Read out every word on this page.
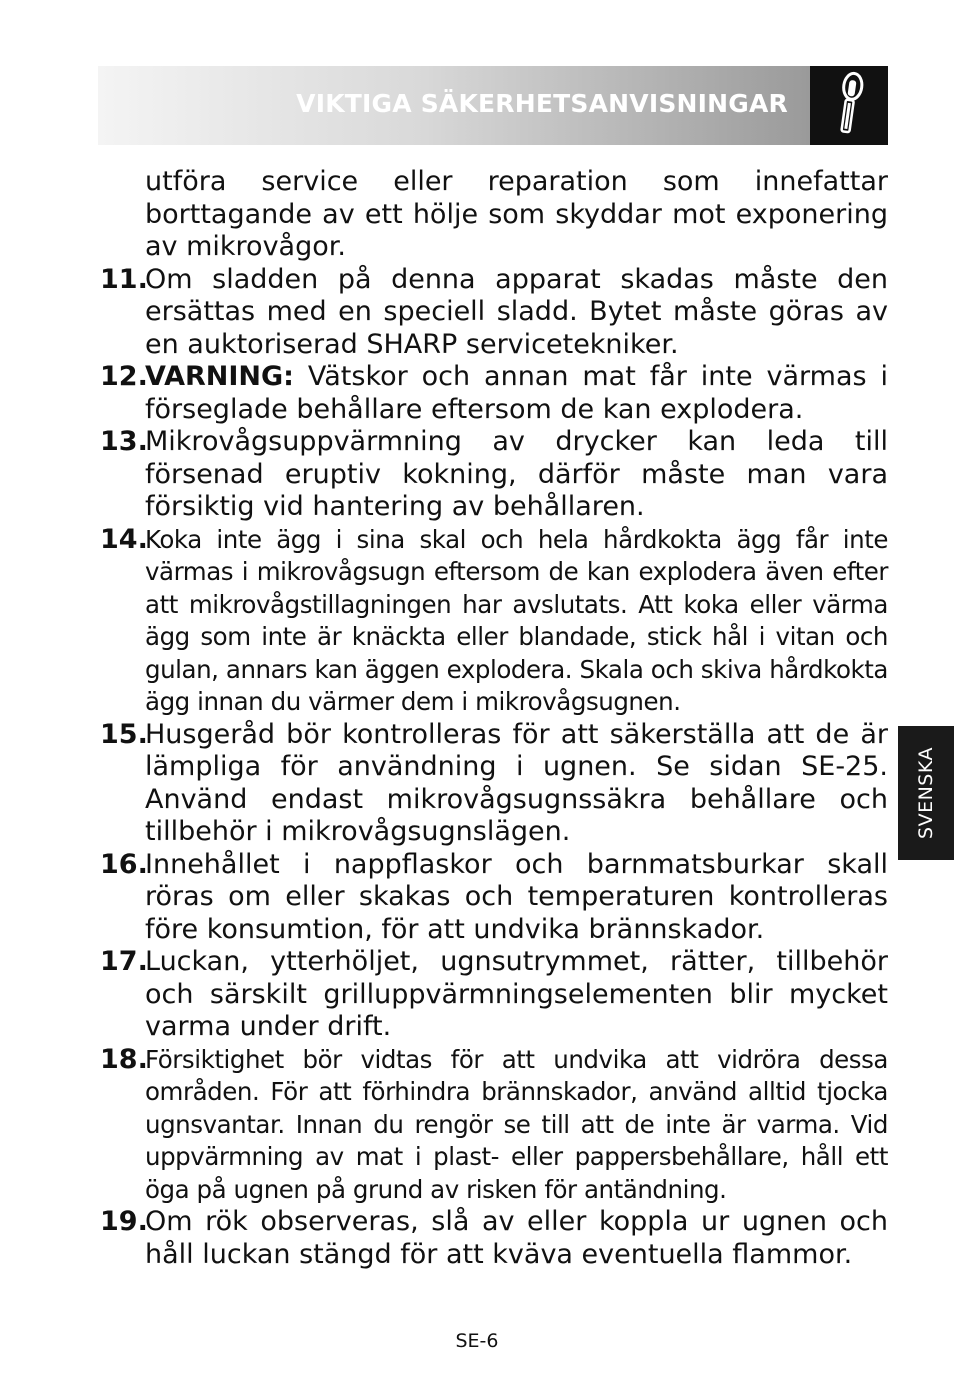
VIKTIGA SÄKERHETSANVISNINGAR
utföra service eller reparation som innefattar borttagande av ett hölje som skyddar mot exponering av mikrovågor.
11.
Om sladden på denna apparat skadas måste den ersättas med en speciell sladd. Bytet måste göras av en auktoriserad SHARP servicetekniker.
12.
VARNING: Vätskor och annan mat får inte värmas i förseglade behållare eftersom de kan explodera.
13.
Mikrovågsuppvärmning av drycker kan leda till försenad eruptiv kokning, därför måste man vara försiktig vid hantering av behållaren.
14.
Koka inte ägg i sina skal och hela hårdkokta ägg får inte värmas i mikrovågsugn eftersom de kan explodera även efter att mikrovågstillagningen har avslutats. Att koka eller värma ägg som inte är knäckta eller blandade, stick hål i vitan och gulan, annars kan äggen explodera. Skala och skiva hårdkokta ägg innan du värmer dem i mikrovågsugnen.
15.
Husgeråd bör kontrolleras för att säkerställa att de är lämpliga för användning i ugnen. Se sidan SE-25. Använd endast mikrovågsugnssäkra behållare och tillbehör i mikrovågsugnslägen.
16.
Innehållet i nappflaskor och barnmatsburkar skall röras om eller skakas och temperaturen kontrolleras före konsumtion, för att undvika brännskador.
17.
Luckan, ytterhöljet, ugnsutrymmet, rätter, tillbehör och särskilt grilluppvärmningselementen blir mycket varma under drift.
18.
Försiktighet bör vidtas för att undvika att vidröra dessa områden. För att förhindra brännskador, använd alltid tjocka ugnsvantar. Innan du rengör se till att de inte är varma. Vid uppvärmning av mat i plast- eller pappersbehållare, håll ett öga på ugnen på grund av risken för antändning.
19.
Om rök observeras, slå av eller koppla ur ugnen och håll luckan stängd för att kväva eventuella flammor.
SVENSKA
SE-6
